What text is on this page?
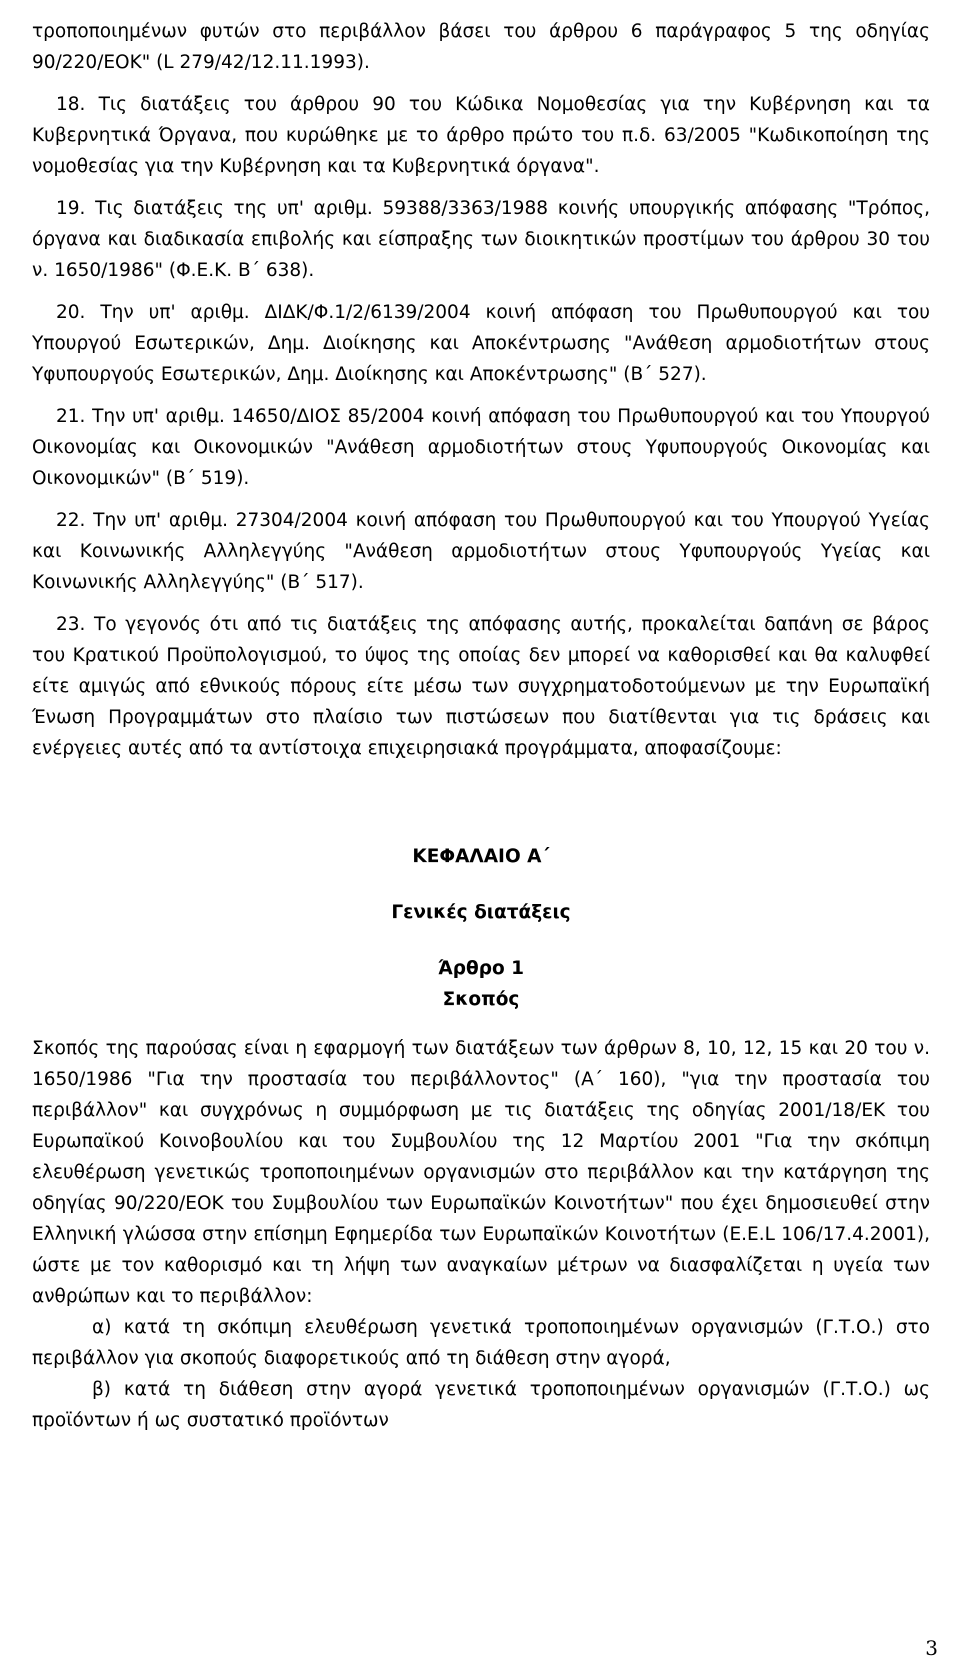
τροποποιημένων φυτών στο περιβάλλον βάσει του άρθρου 6 παράγραφος 5 της οδηγίας 90/220/ΕΟΚ" (L 279/42/12.11.1993).

18. Τις διατάξεις του άρθρου 90 του Κώδικα Νομοθεσίας για την Κυβέρνηση και τα Κυβερνητικά Όργανα, που κυρώθηκε με το άρθρο πρώτο του π.δ. 63/2005 "Κωδικοποίηση της νομοθεσίας για την Κυβέρνηση και τα Κυβερνητικά όργανα".

19. Τις διατάξεις της υπ' αριθμ. 59388/3363/1988 κοινής υπουργικής απόφασης "Τρόπος, όργανα και διαδικασία επιβολής και είσπραξης των διοικητικών προστίμων του άρθρου 30 του ν. 1650/1986" (Φ.Ε.Κ. Β΄ 638).

20. Την υπ' αριθμ. ΔΙΔΚ/Φ.1/2/6139/2004 κοινή απόφαση του Πρωθυπουργού και του Υπουργού Εσωτερικών, Δημ. Διοίκησης και Αποκέντρωσης "Ανάθεση αρμοδιοτήτων στους Υφυπουργούς Εσωτερικών, Δημ. Διοίκησης και Αποκέντρωσης" (Β΄ 527).

21. Την υπ' αριθμ. 14650/ΔΙΟΣ 85/2004 κοινή απόφαση του Πρωθυπουργού και του Υπουργού Οικονομίας και Οικονομικών "Ανάθεση αρμοδιοτήτων στους Υφυπουργούς Οικονομίας και Οικονομικών" (Β΄ 519).

22. Την υπ' αριθμ. 27304/2004 κοινή απόφαση του Πρωθυπουργού και του Υπουργού Υγείας και Κοινωνικής Αλληλεγγύης "Ανάθεση αρμοδιοτήτων στους Υφυπουργούς Υγείας και Κοινωνικής Αλληλεγγύης" (Β΄ 517).

23. Το γεγονός ότι από τις διατάξεις της απόφασης αυτής, προκαλείται δαπάνη σε βάρος του Κρατικού Προϋπολογισμού, το ύψος της οποίας δεν μπορεί να καθορισθεί και θα καλυφθεί είτε αμιγώς από εθνικούς πόρους είτε μέσω των συγχρηματοδοτούμενων με την Ευρωπαϊκή Ένωση Προγραμμάτων στο πλαίσιο των πιστώσεων που διατίθενται για τις δράσεις και ενέργειες αυτές από τα αντίστοιχα επιχειρησιακά προγράμματα, αποφασίζουμε:

ΚΕΦΑΛΑΙΟ Α΄

Γενικές διατάξεις

Άρθρο 1

Σκοπός

Σκοπός της παρούσας είναι η εφαρμογή των διατάξεων των άρθρων 8, 10, 12, 15 και 20 του ν. 1650/1986 "Για την προστασία του περιβάλλοντος" (Α΄ 160), "για την προστασία του περιβάλλον" και συγχρόνως η συμμόρφωση με τις διατάξεις της οδηγίας 2001/18/ΕΚ του Ευρωπαϊκού Κοινοβουλίου και του Συμβουλίου της 12 Μαρτίου 2001 "Για την σκόπιμη ελευθέρωση γενετικώς τροποποιημένων οργανισμών στο περιβάλλον και την κατάργηση της οδηγίας 90/220/ΕΟΚ του Συμβουλίου των Ευρωπαϊκών Κοινοτήτων" που έχει δημοσιευθεί στην Ελληνική γλώσσα στην επίσημη Εφημερίδα των Ευρωπαϊκών Κοινοτήτων (Ε.Ε.L 106/17.4.2001), ώστε με τον καθορισμό και τη λήψη των αναγκαίων μέτρων να διασφαλίζεται η υγεία των ανθρώπων και το περιβάλλον:

α) κατά τη σκόπιμη ελευθέρωση γενετικά τροποποιημένων οργανισμών (Γ.Τ.Ο.) στο περιβάλλον για σκοπούς διαφορετικούς από τη διάθεση στην αγορά,

β) κατά τη διάθεση στην αγορά γενετικά τροποποιημένων οργανισμών (Γ.Τ.Ο.) ως προϊόντων ή ως συστατικό προϊόντων

3
